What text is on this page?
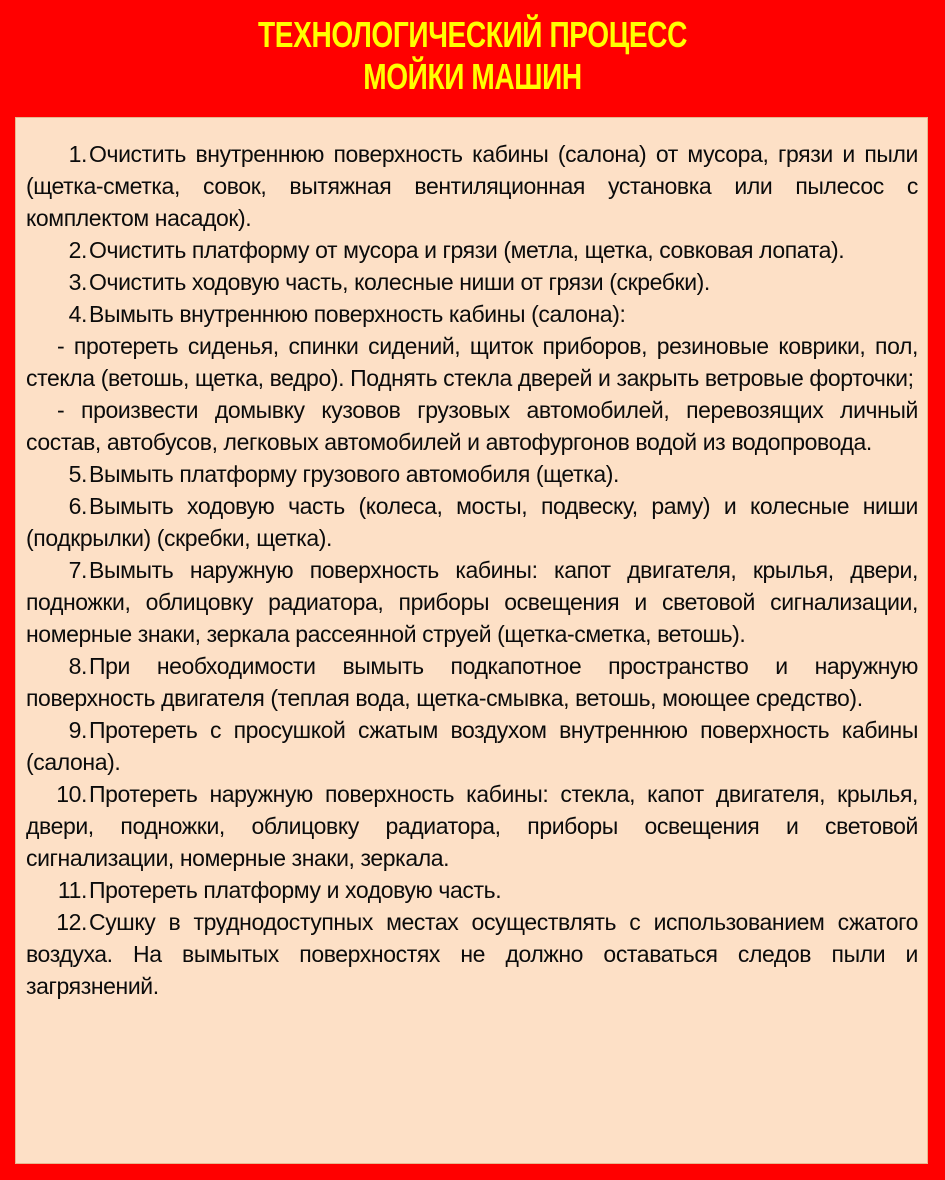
ТЕХНОЛОГИЧЕСКИЙ ПРОЦЕСС
МОЙКИ МАШИН

1.Очистить внутреннюю поверхность кабины (салона) от мусора, грязи и пыли (щетка-сметка, совок, вытяжная вентиляционная установка или пылесос с комплектом насадок).

2.Очистить платформу от мусора и грязи (метла, щетка, совковая лопата).

3.Очистить ходовую часть, колесные ниши от грязи (скребки).

4.Вымыть внутреннюю поверхность кабины (салона):

- протереть сиденья, спинки сидений, щиток приборов, резиновые коврики, пол, стекла (ветошь, щетка, ведро). Поднять стекла дверей и закрыть ветровые форточки;

- произвести домывку кузовов грузовых автомобилей, перевозящих личный состав, автобусов, легковых автомобилей и автофургонов водой из водопровода.

5.Вымыть платформу грузового автомобиля (щетка).

6.Вымыть ходовую часть (колеса, мосты, подвеску, раму) и колесные ниши (подкрылки) (скребки, щетка).

7.Вымыть наружную поверхность кабины: капот двигателя, крылья, двери, подножки, облицовку радиатора, приборы освещения и световой сигнализации, номерные знаки, зеркала рассеянной струей (щетка-сметка, ветошь).

8.При необходимости вымыть подкапотное пространство и наружную поверхность двигателя (теплая вода, щетка-смывка, ветошь, моющее средство).

9.Протереть с просушкой сжатым воздухом внутреннюю поверхность кабины (салона).

10.Протереть наружную поверхность кабины: стекла, капот двигателя, крылья, двери, подножки, облицовку радиатора, приборы освещения и световой сигнализации, номерные знаки, зеркала.

11.Протереть платформу и ходовую часть.

12.Сушку в труднодоступных местах осуществлять с использованием сжатого воздуха. На вымытых поверхностях не должно оставаться следов пыли и загрязнений.
